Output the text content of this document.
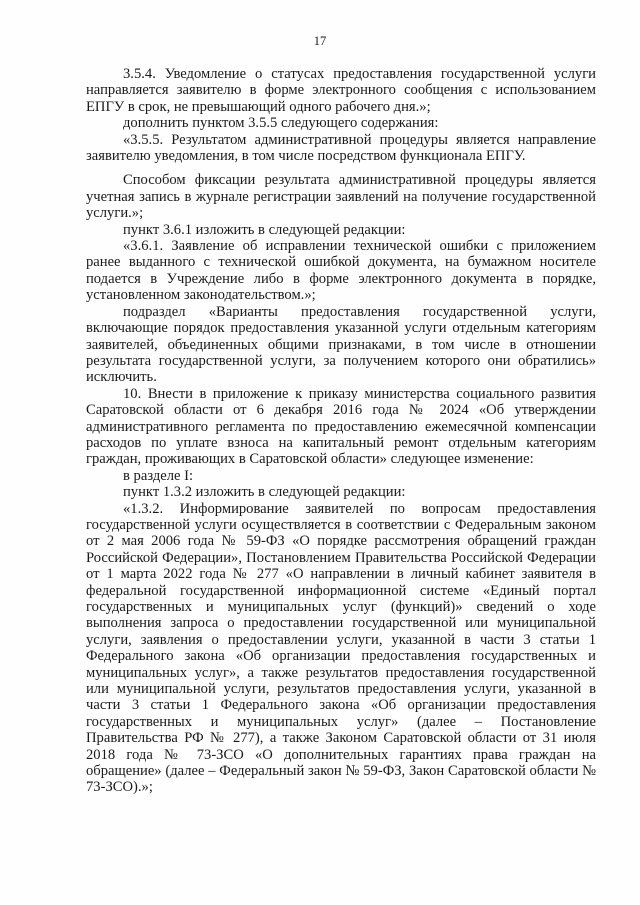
17

3.5.4. Уведомление о статусах предоставления государственной услуги направляется заявителю в форме электронного сообщения с использованием ЕПГУ в срок, не превышающий одного рабочего дня.»;

дополнить пунктом 3.5.5 следующего содержания:

«3.5.5. Результатом административной процедуры является направление заявителю уведомления, в том числе посредством функционала ЕПГУ.

Способом фиксации результата административной процедуры является учетная запись в журнале регистрации заявлений на получение государственной услуги.»;

пункт 3.6.1 изложить в следующей редакции:

«3.6.1. Заявление об исправлении технической ошибки с приложением ранее выданного с технической ошибкой документа, на бумажном носителе подается в Учреждение либо в форме электронного документа в порядке, установленном законодательством.»;

подраздел «Варианты предоставления государственной услуги, включающие порядок предоставления указанной услуги отдельным категориям заявителей, объединенных общими признаками, в том числе в отношении результата государственной услуги, за получением которого они обратились» исключить.

10. Внести в приложение к приказу министерства социального развития Саратовской области от 6 декабря 2016 года № 2024 «Об утверждении административного регламента по предоставлению ежемесячной компенсации расходов по уплате взноса на капитальный ремонт отдельным категориям граждан, проживающих в Саратовской области» следующее изменение:

в разделе I:

пункт 1.3.2 изложить в следующей редакции:

«1.3.2. Информирование заявителей по вопросам предоставления государственной услуги осуществляется в соответствии с Федеральным законом от 2 мая 2006 года № 59-ФЗ «О порядке рассмотрения обращений граждан Российской Федерации», Постановлением Правительства Российской Федерации от 1 марта 2022 года № 277 «О направлении в личный кабинет заявителя в федеральной государственной информационной системе «Единый портал государственных и муниципальных услуг (функций)» сведений о ходе выполнения запроса о предоставлении государственной или муниципальной услуги, заявления о предоставлении услуги, указанной в части 3 статьи 1 Федерального закона «Об организации предоставления государственных и муниципальных услуг», а также результатов предоставления государственной или муниципальной услуги, результатов предоставления услуги, указанной в части 3 статьи 1 Федерального закона «Об организации предоставления государственных и муниципальных услуг» (далее – Постановление Правительства РФ № 277), а также Законом Саратовской области от 31 июля 2018 года № 73-ЗСО «О дополнительных гарантиях права граждан на обращение» (далее – Федеральный закон № 59-ФЗ, Закон Саратовской области № 73-ЗСО).»;
